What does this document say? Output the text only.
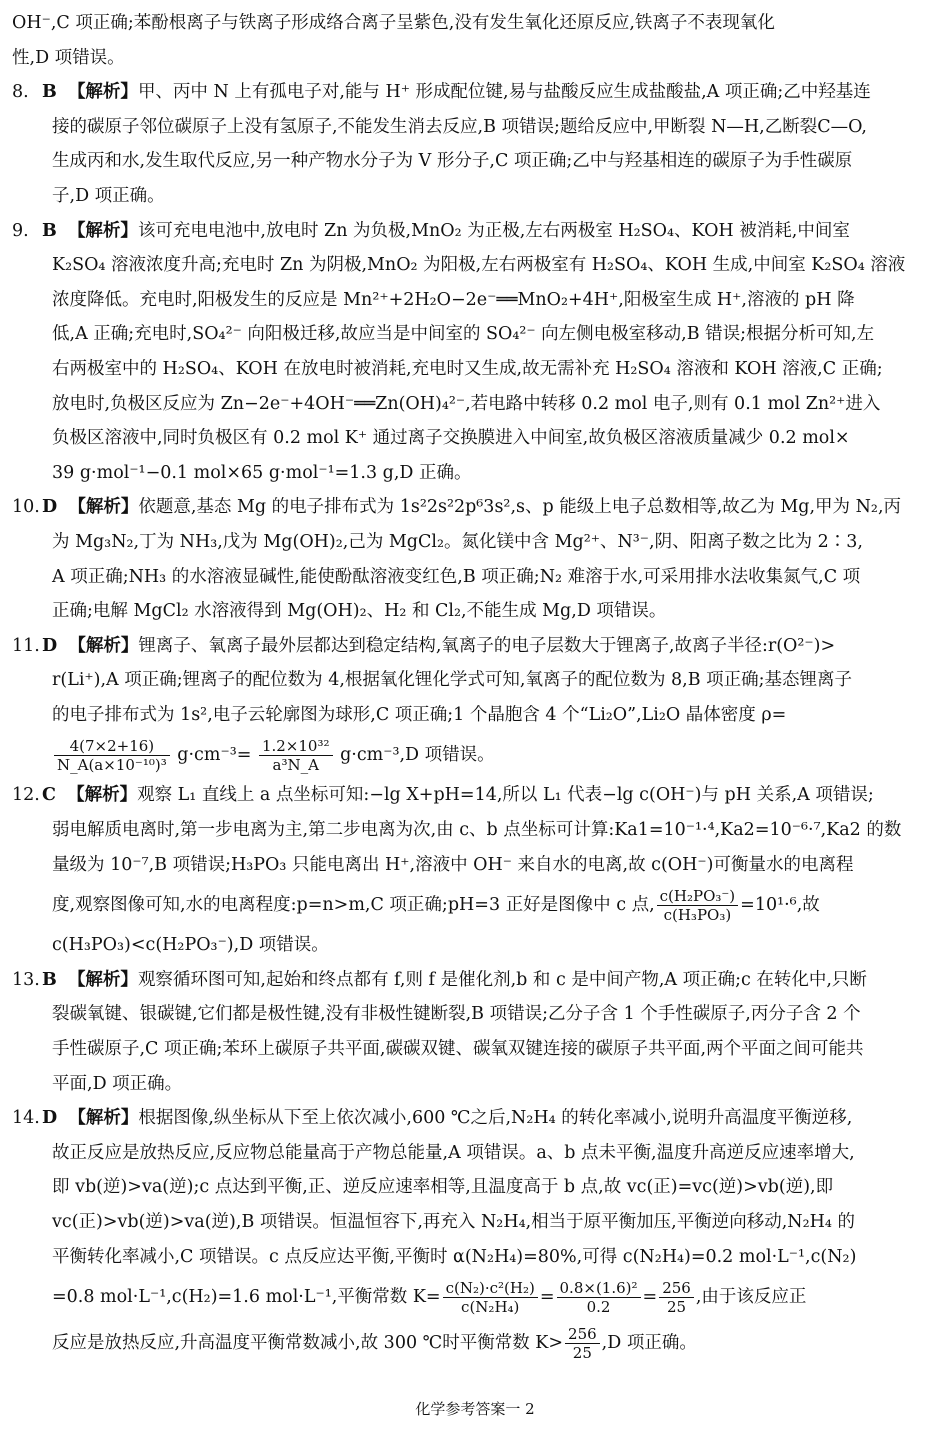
OH⁻,C 项正确;苯酚根离子与铁离子形成络合离子呈紫色,没有发生氧化还原反应,铁离子不表现氧化
性,D 项错误。
8. B 【解析】甲、丙中 N 上有孤电子对,能与 H⁺ 形成配位键,易与盐酸反应生成盐酸盐,A 项正确;乙中羟基连
接的碳原子邻位碳原子上没有氢原子,不能发生消去反应,B 项错误;题给反应中,甲断裂 N—H,乙断裂C—O,
生成丙和水,发生取代反应,另一种产物水分子为 V 形分子,C 项正确;乙中与羟基相连的碳原子为手性碳原
子,D 项正确。
9. B 【解析】该可充电电池中,放电时 Zn 为负极,MnO₂ 为正极,左右两极室 H₂SO₄、KOH 被消耗,中间室
K₂SO₄ 溶液浓度升高;充电时 Zn 为阴极,MnO₂ 为阳极,左右两极室有 H₂SO₄、KOH 生成,中间室 K₂SO₄ 溶液
浓度降低。充电时,阳极发生的反应是 Mn²⁺+2H₂O−2e⁻══MnO₂+4H⁺,阳极室生成 H⁺,溶液的 pH 降
低,A 正确;充电时,SO₄²⁻ 向阳极迁移,故应当是中间室的 SO₄²⁻ 向左侧电极室移动,B 错误;根据分析可知,左
右两极室中的 H₂SO₄、KOH 在放电时被消耗,充电时又生成,故无需补充 H₂SO₄ 溶液和 KOH 溶液,C 正确;
放电时,负极区反应为 Zn−2e⁻+4OH⁻══Zn(OH)₄²⁻,若电路中转移 0.2 mol 电子,则有 0.1 mol Zn²⁺进入
负极区溶液中,同时负极区有 0.2 mol K⁺ 通过离子交换膜进入中间室,故负极区溶液质量减少 0.2 mol×
39 g·mol⁻¹−0.1 mol×65 g·mol⁻¹=1.3 g,D 正确。
10. D 【解析】依题意,基态 Mg 的电子排布式为 1s²2s²2p⁶3s²,s、p 能级上电子总数相等,故乙为 Mg,甲为 N₂,丙
为 Mg₃N₂,丁为 NH₃,戊为 Mg(OH)₂,己为 MgCl₂。氮化镁中含 Mg²⁺、N³⁻,阴、阳离子数之比为 2∶3,
A 项正确;NH₃ 的水溶液显碱性,能使酚酞溶液变红色,B 项正确;N₂ 难溶于水,可采用排水法收集氮气,C 项
正确;电解 MgCl₂ 水溶液得到 Mg(OH)₂、H₂ 和 Cl₂,不能生成 Mg,D 项错误。
11. D 【解析】锂离子、氧离子最外层都达到稳定结构,氧离子的电子层数大于锂离子,故离子半径:r(O²⁻)>
r(Li⁺),A 项正确;锂离子的配位数为 4,根据氧化锂化学式可知,氧离子的配位数为 8,B 项正确;基态锂离子
的电子排布式为 1s²,电子云轮廓图为球形,C 项正确;1 个晶胞含 4 个“Li₂O”,Li₂O 晶体密度 ρ=
$\frac{4(7\times 2+16)}{\text{N\_A(a×10⁻¹⁰)³}} g\cdot cm^{-3}= \frac{\text{1.2×10³²}}{\text{a³N\_A}} g\cdot cm^{-3},D$ 项错误。
12. C 【解析】观察 L₁ 直线上 a 点坐标可知:−lg X+pH=14,所以 L₁ 代表−lg c(OH⁻)与 pH 关系,A 项错误;
弱电解质电离时,第一步电离为主,第二步电离为次,由 c、b 点坐标可计算:Ka1=10⁻¹·⁴,Ka2=10⁻⁶·⁷,Ka2 的数
量级为 10⁻⁷,B 项错误;H₃PO₃ 只能电离出 H⁺,溶液中 OH⁻ 来自水的电离,故 c(OH⁻)可衡量水的电离程
度,观察图像可知,水的电离程度:p=n>m,C 项正确;pH=3 正好是图像中 c 点, $\frac{\text{c(H₂PO₃⁻)}}{\text{c(H₃PO₃)}} =10^1\cdot^6$,故
c(H₃PO₃)<c(H₂PO₃⁻),D 项错误。
13. B 【解析】观察循环图可知,起始和终点都有 f,则 f 是催化剂,b 和 c 是中间产物,A 项正确;c 在转化中,只断
裂碳氧键、银碳键,它们都是极性键,没有非极性键断裂,B 项错误;乙分子含 1 个手性碳原子,丙分子含 2 个
手性碳原子,C 项正确;苯环上碳原子共平面,碳碳双键、碳氧双键连接的碳原子共平面,两个平面之间可能共
平面,D 项正确。
14. D 【解析】根据图像,纵坐标从下至上依次减小,600 ℃之后,N₂H₄ 的转化率减小,说明升高温度平衡逆移,
故正反应是放热反应,反应物总能量高于产物总能量,A 项错误。a、b 点未平衡,温度升高逆反应速率增大,
即 vb(逆)>va(逆);c 点达到平衡,正、逆反应速率相等,且温度高于 b 点,故 vc(正)=vc(逆)>vb(逆),即
vc(正)>vb(逆)>va(逆),B 项错误。恒温恒容下,再充入 N₂H₄,相当于原平衡加压,平衡逆向移动,N₂H₄ 的
平衡转化率减小,C 项错误。c 点反应达平衡,平衡时 α(N₂H₄)=80%,可得 c(N₂H₄)=0.2 mol·L⁻¹,c(N₂)
=0.8 mol·L⁻¹,c(H₂)=1.6 mol·L⁻¹,平衡常数 $K= \frac{\text{c(N₂)·c²(H₂)}}{\text{c(N₂H₄)}} = \frac{\text{0.8×(1.6)²}}{0.2} = \frac{256}{25}$ ,由于该反应正
反应是放热反应,升高温度平衡常数减小,故 300 ℃时平衡常数 $K> \frac{256}{25} ,D$ 项正确。
化学参考答案一 2
